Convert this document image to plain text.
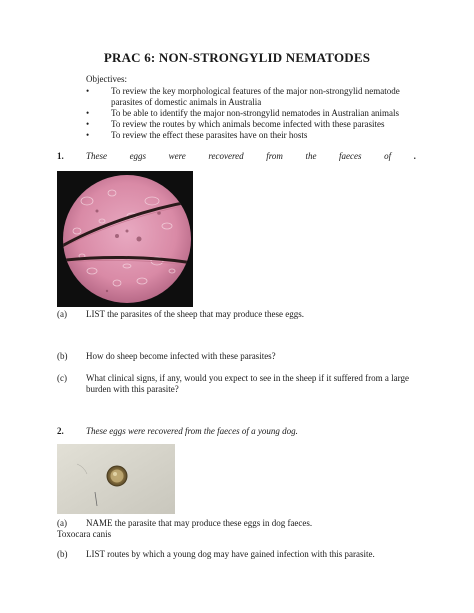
PRAC 6: NON-STRONGYLID NEMATODES
Objectives:
• To review the key morphological features of the major non-strongylid nematode parasites of domestic animals in Australia
• To be able to identify the major non-strongylid nematodes in Australian animals
• To review the routes by which animals become infected with these parasites
• To review the effect these parasites have on their hosts
1. These	eggs	were	recovered	from	the	faeces	of	.
(a) LIST the parasites of the sheep that may produce these eggs.
(b) How do sheep become infected with these parasites?
(c) What clinical signs, if any, would you expect to see in the sheep if it suffered from a large burden with this parasite?
2. These eggs were recovered from the faeces of a young dog.
(a) NAME the parasite that may produce these eggs in dog faeces.
Toxocara canis
(b) LIST routes by which a young dog may have gained infection with this parasite.
